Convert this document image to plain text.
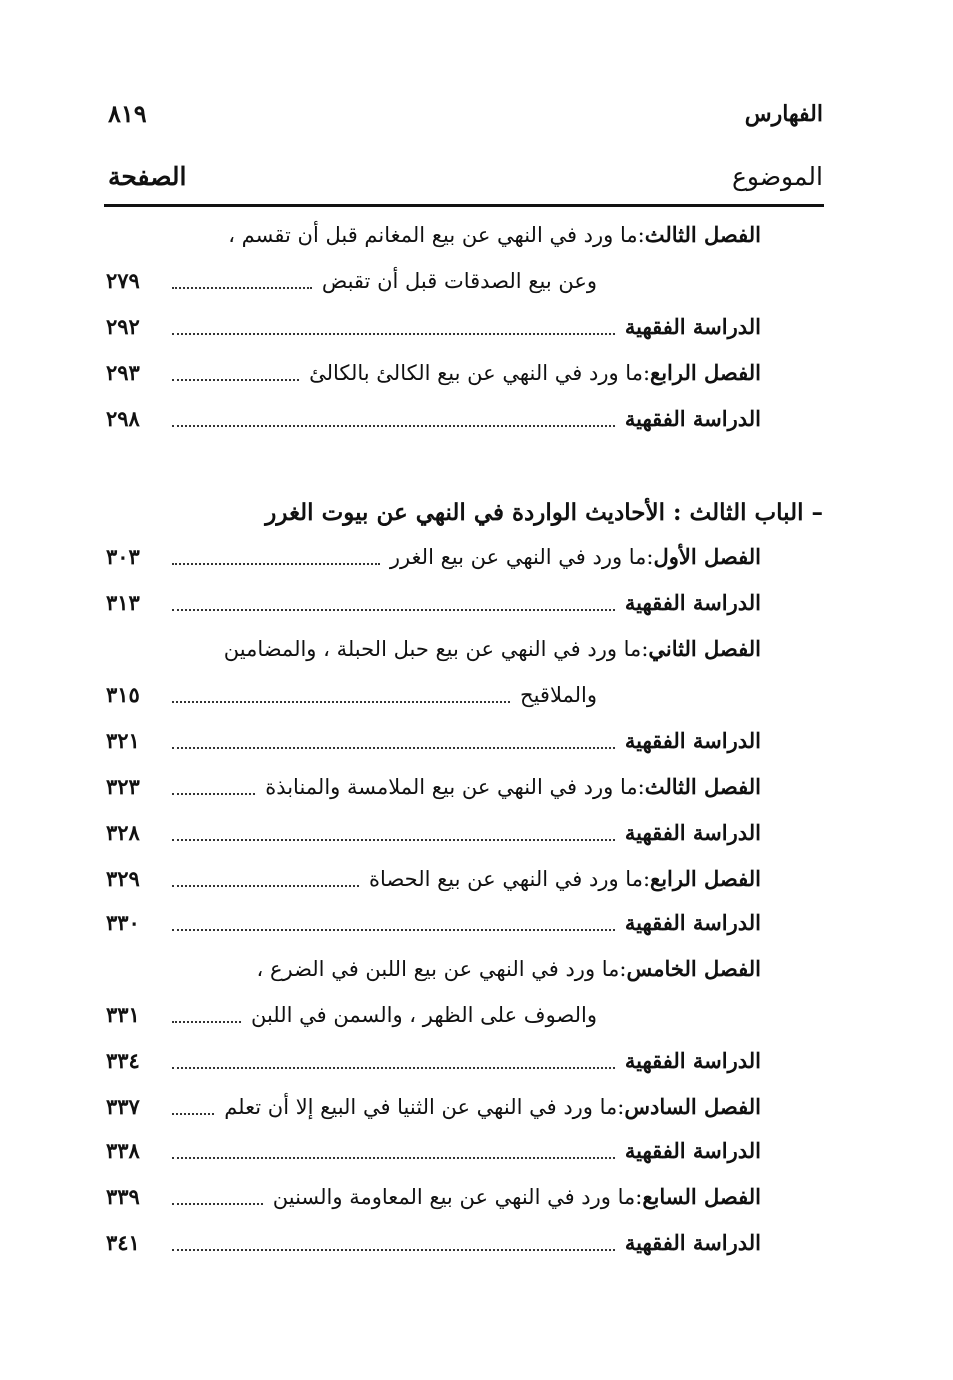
الفهارس
٨١٩
الموضوع
الصفحة
الفصل الثالث
:
ما ورد في النهي عن بيع المغانم قبل أن تقسم ،
وعن بيع الصدقات قبل أن تقبض
٢٧٩
الدراسة الفقهية
٢٩٢
الفصل الرابع
:
ما ورد في النهي عن بيع الكالئ بالكالئ
٢٩٣
الدراسة الفقهية
٢٩٨
– الباب الثالث : الأحاديث الواردة في النهي عن بيوت الغرر
الفصل الأول
:
ما ورد في النهي عن بيع الغرر
٣٠٣
الدراسة الفقهية
٣١٣
الفصل الثاني
:
ما ورد في النهي عن بيع حبل الحبلة ، والمضامين
والملاقيح
٣١٥
الدراسة الفقهية
٣٢١
الفصل الثالث
:
ما ورد في النهي عن بيع الملامسة والمنابذة
٣٢٣
الدراسة الفقهية
٣٢٨
الفصل الرابع
:
ما ورد في النهي عن بيع الحصاة
٣٢٩
الدراسة الفقهية
٣٣٠
الفصل الخامس
:
ما ورد في النهي عن بيع اللبن في الضرع ،
والصوف على الظهر ، والسمن في اللبن
٣٣١
الدراسة الفقهية
٣٣٤
الفصل السادس
:
ما ورد في النهي عن الثنيا في البيع إلا أن تعلم
٣٣٧
الدراسة الفقهية
٣٣٨
الفصل السابع
:
ما ورد في النهي عن بيع المعاومة والسنين
٣٣٩
الدراسة الفقهية
٣٤١
